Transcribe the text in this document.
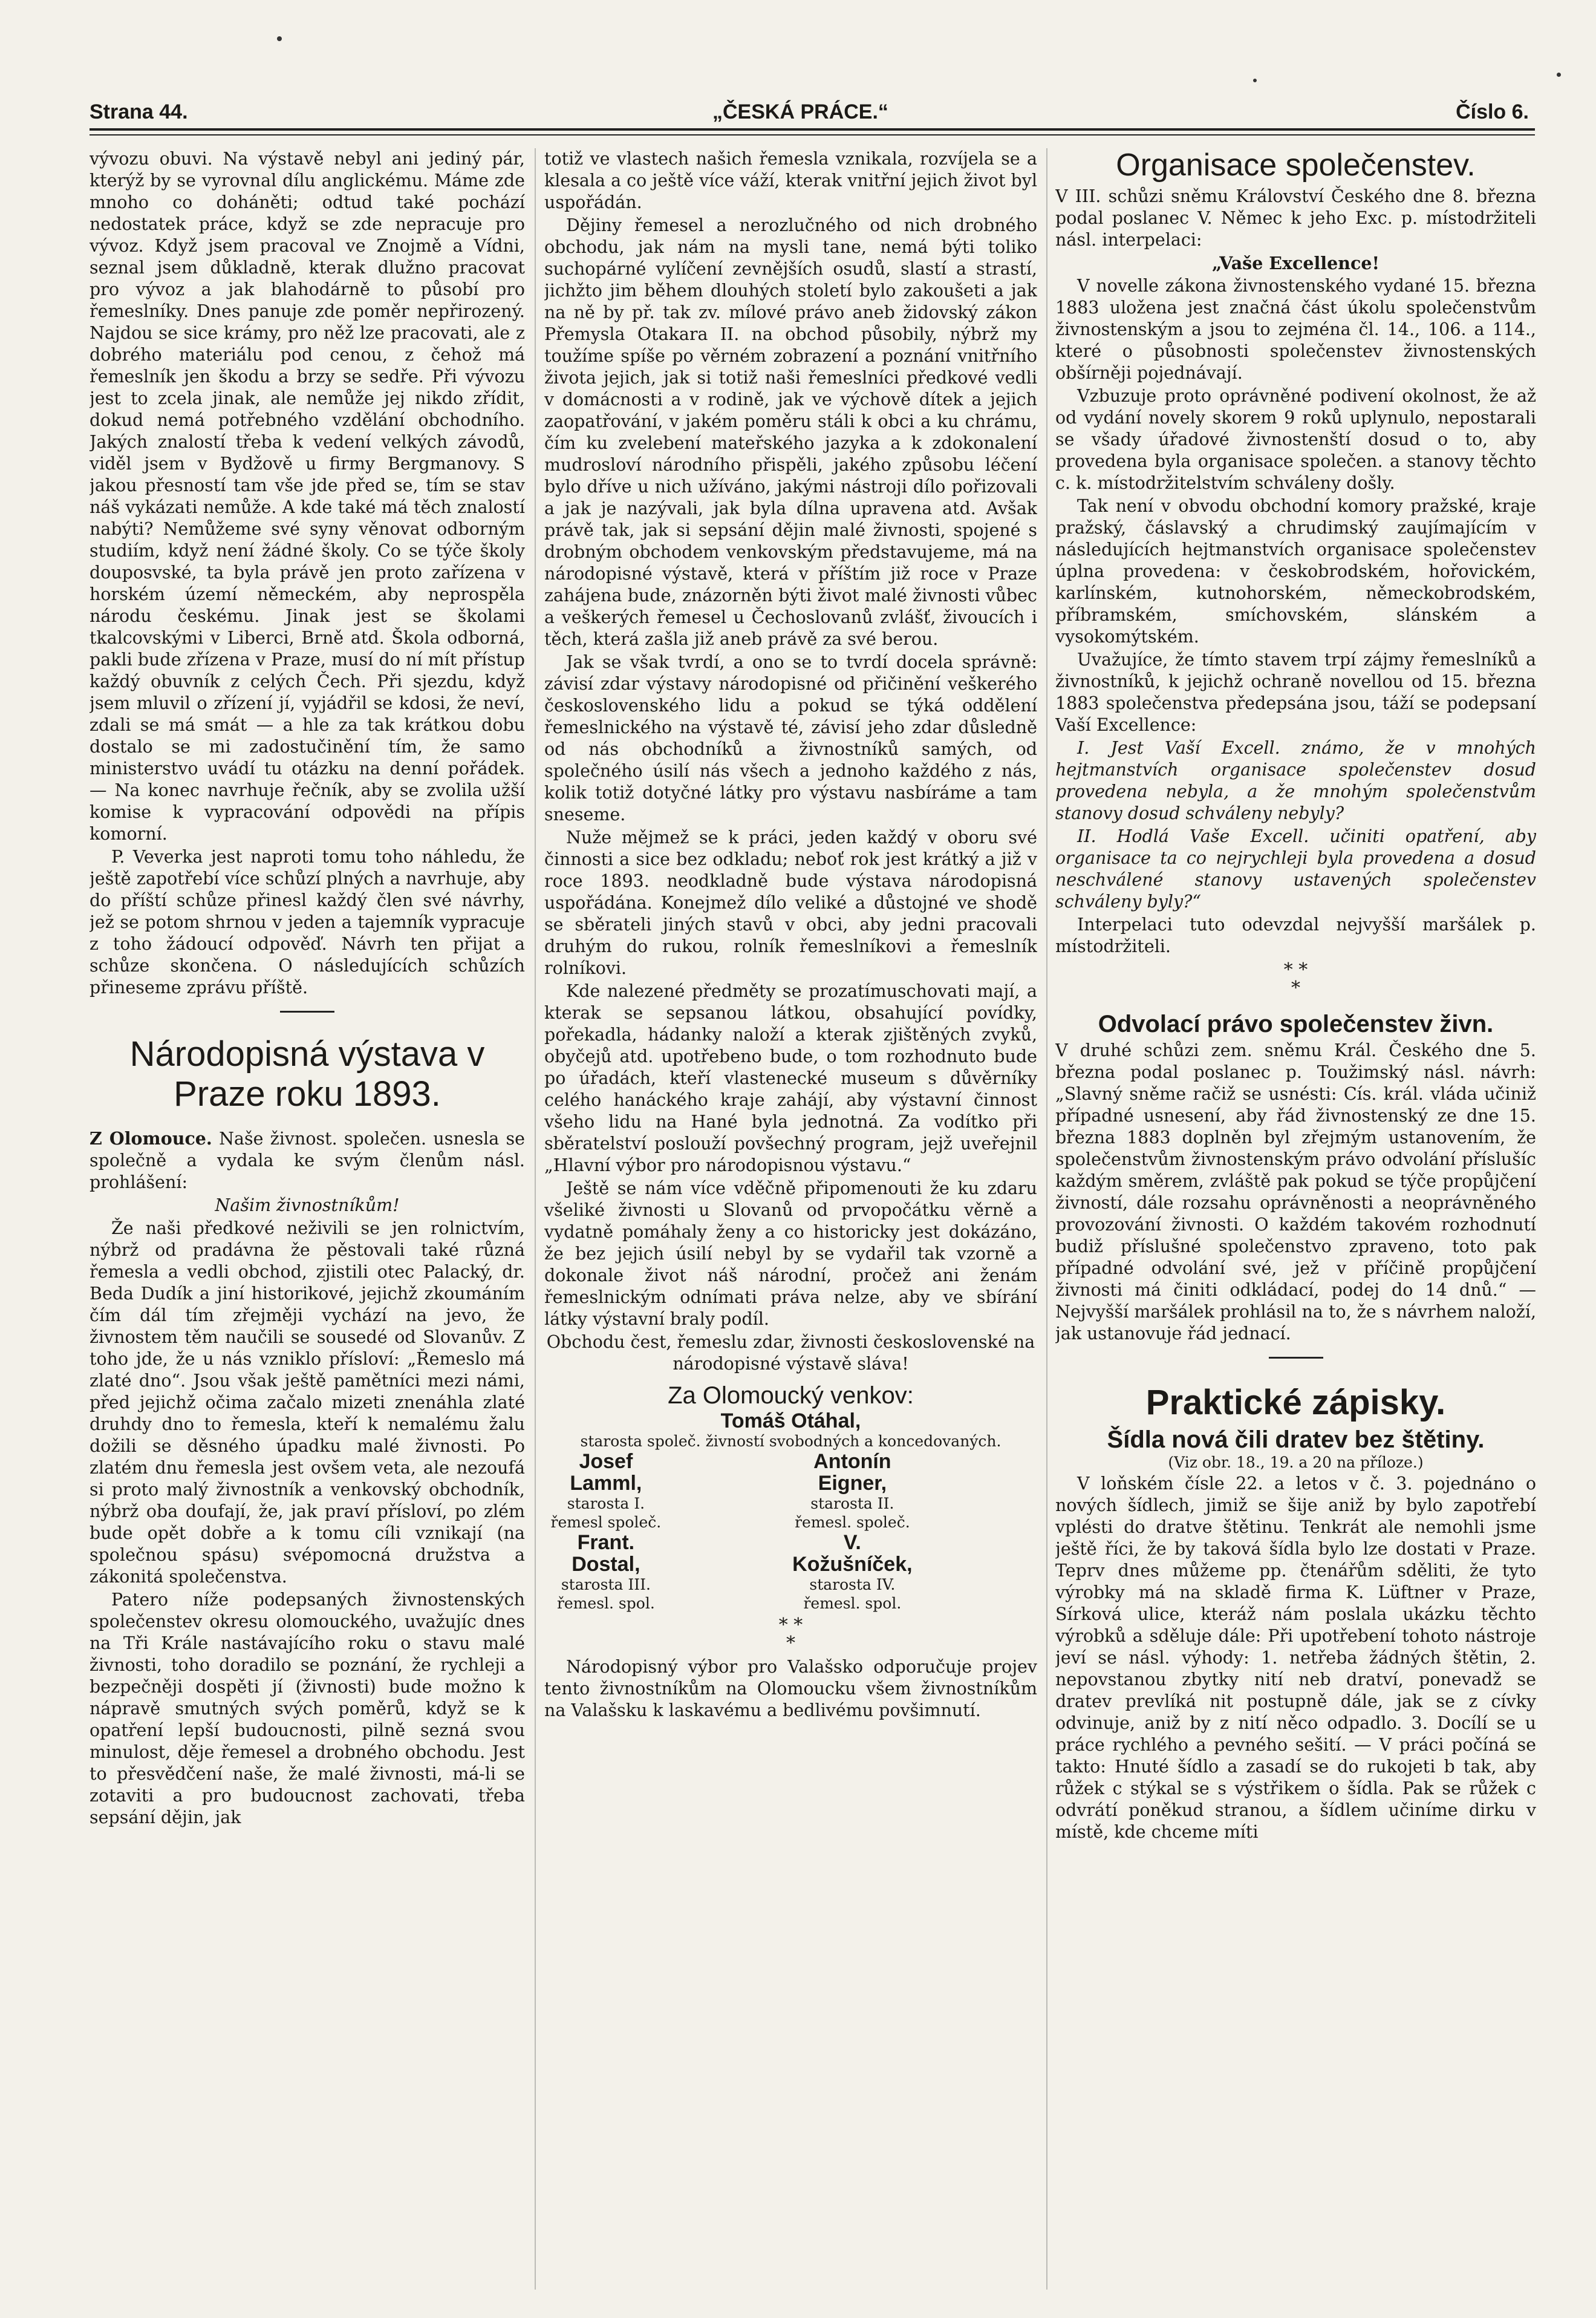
Strana 44.	„ČESKÁ PRÁCE.“	Číslo 6.

vývozu obuvi. Na výstavě nebyl ani jediný pár, kterýž by se vyrovnal dílu anglickému. Máme zde mnoho co doháněti; odtud také pochází nedostatek práce, když se zde nepracuje pro vývoz. Když jsem pracoval ve Znojmě a Vídni, seznal jsem důkladně, kterak dlužno pracovat pro vývoz a jak blahodárně to působí pro řemeslníky. Dnes panuje zde poměr nepřirozený. Najdou se sice krámy, pro něž lze pracovati, ale z dobrého materiálu pod cenou, z čehož má řemeslník jen škodu a brzy se sedře. Při vývozu jest to zcela jinak, ale nemůže jej nikdo zřídit, dokud nemá potřebného vzdělání obchodního. Jakých znalostí třeba k vedení velkých závodů, viděl jsem v Bydžově u firmy Bergmanovy. S jakou přesností tam vše jde před se, tím se stav náš vykázati nemůže. A kde také má těch znalostí nabýti? Nemůžeme své syny věnovat odborným studiím, když není žádné školy. Co se týče školy douposvské, ta byla právě jen proto zařízena v horském území německém, aby neprospěla národu českému. Jinak jest se školami tkalcovskými v Liberci, Brně atd. Škola odborná, pakli bude zřízena v Praze, musí do ní mít přístup každý obuvník z celých Čech. Při sjezdu, když jsem mluvil o zřízení jí, vyjádřil se kdosi, že neví, zdali se má smát — a hle za tak krátkou dobu dostalo se mi zadostučinění tím, že samo ministerstvo uvádí tu otázku na denní pořádek. — Na konec navrhuje řečník, aby se zvolila užší komise k vypracování odpovědi na přípis komorní.

P. Veverka jest naproti tomu toho náhledu, že ještě zapotřebí více schůzí plných a navrhuje, aby do příští schůze přinesl každý člen své návrhy, jež se potom shrnou v jeden a tajemník vypracuje z toho žádoucí odpověď. Návrh ten přijat a schůze skončena. O následujících schůzích přineseme zprávu příště.

Národopisná výstava v Praze roku 1893.

Z Olomouce. Naše živnost. společen. usnesla se společně a vydala ke svým členům násl. prohlášení:

Našim živnostníkům!

Že naši předkové neživili se jen rolnictvím, nýbrž od pradávna že pěstovali také různá řemesla a vedli obchod, zjistili otec Palacký, dr. Beda Dudík a jiní historikové, jejichž zkoumáním čím dál tím zřejměji vychází na jevo, že živnostem těm naučili se sousedé od Slovanův. Z toho jde, že u nás vzniklo přísloví: „Řemeslo má zlaté dno“. Jsou však ještě pamětníci mezi námi, před jejichž očima začalo mizeti znenáhla zlaté druhdy dno to řemesla, kteří k nemalému žalu dožili se děsného úpadku malé živnosti. Po zlatém dnu řemesla jest ovšem veta, ale nezoufá si proto malý živnostník a venkovský obchodník, nýbrž oba doufají, že, jak praví přísloví, po zlém bude opět dobře a k tomu cíli vznikají (na společnou spásu) svépomocná družstva a zákonitá společenstva.

Patero níže podepsaných živnostenských společenstev okresu olomouckého, uvažujíc dnes na Tři Krále nastávajícího roku o stavu malé živnosti, toho doradilo se poznání, že rychleji a bezpečněji dospěti jí (živnosti) bude možno k nápravě smutných svých poměrů, když se k opatření lepší budoucnosti, pilně sezná svou minulost, děje řemesel a drobného obchodu. Jest to přesvědčení naše, že malé živnosti, má-li se zotaviti a pro budoucnost zachovati, třeba sepsání dějin, jak

totiž ve vlastech našich řemesla vznikala, rozvíjela se a klesala a co ještě více váží, kterak vnitřní jejich život byl uspořádán.

Dějiny řemesel a nerozlučného od nich drobného obchodu, jak nám na mysli tane, nemá býti toliko suchopárné vylíčení zevnějších osudů, slastí a strastí, jichžto jim během dlouhých století bylo zakoušeti a jak na ně by př. tak zv. mílové právo aneb židovský zákon Přemysla Otakara II. na obchod působily, nýbrž my toužíme spíše po věrném zobrazení a poznání vnitřního života jejich, jak si totiž naši řemeslníci předkové vedli v domácnosti a v rodině, jak ve výchově dítek a jejich zaopatřování, v jakém poměru stáli k obci a ku chrámu, čím ku zvelebení mateřského jazyka a k zdokonalení mudrosloví národního přispěli, jakého způsobu léčení bylo dříve u nich užíváno, jakými nástroji dílo pořizovali a jak je nazývali, jak byla dílna upravena atd. Avšak právě tak, jak si sepsání dějin malé živnosti, spojené s drobným obchodem venkovským představujeme, má na národopisné výstavě, která v příštím již roce v Praze zahájena bude, znázorněn býti život malé živnosti vůbec a veškerých řemesel u Čechoslovanů zvlášť, živoucích i těch, která zašla již aneb právě za své berou.

Jak se však tvrdí, a ono se to tvrdí docela správně: závisí zdar výstavy národopisné od přičinění veškerého československého lidu a pokud se týká oddělení řemeslnického na výstavě té, závisí jeho zdar důsledně od nás obchodníků a živnostníků samých, od společného úsilí nás všech a jednoho každého z nás, kolik totiž dotyčné látky pro výstavu nasbíráme a tam sneseme.

Nuže mějmež se k práci, jeden každý v oboru své činnosti a sice bez odkladu; neboť rok jest krátký a již v roce 1893. neodkladně bude výstava národopisná uspořádána. Konejmež dílo veliké a důstojné ve shodě se sběrateli jiných stavů v obci, aby jedni pracovali druhým do rukou, rolník řemeslníkovi a řemeslník rolníkovi.

Kde nalezené předměty se prozatímuschovati mají, a kterak se sepsanou látkou, obsahující povídky, pořekadla, hádanky naloží a kterak zjištěných zvyků, obyčejů atd. upotřebeno bude, o tom rozhodnuto bude po úřadách, kteří vlastenecké museum s důvěrníky celého hanáckého kraje zahájí, aby výstavní činnost všeho lidu na Hané byla jednotná. Za vodítko při sběratelství poslouží povšechný program, jejž uveřejnil „Hlavní výbor pro národopisnou výstavu.“

Ještě se nám více vděčně připomenouti že ku zdaru všeliké živnosti u Slovanů od prvopočátku věrně a vydatně pomáhaly ženy a co historicky jest dokázáno, že bez jejich úsilí nebyl by se vydařil tak vzorně a dokonale život náš národní, pročež ani ženám řemeslnickým odnímati práva nelze, aby ve sbírání látky výstavní braly podíl.

Obchodu čest, řemeslu zdar, živnosti československé na národopisné výstavě sláva!

Za Olomoucký venkov:
Tomáš Otáhal,
starosta společ. živností svobodných a koncedovaných.
Josef Lamml,
starosta I. řemesl společ.
Antonín Eigner,
starosta II. řemesl. společ.
Frant. Dostal,
starosta III. řemesl. spol.
V. Kožušníček,
starosta IV. řemesl. spol.
* *
*

Národopisný výbor pro Valašsko odporučuje projev tento živnostníkům na Olomoucku všem živnostníkům na Valašsku k laskavému a bedlivému povšimnutí.

Organisace společenstev.

V III. schůzi sněmu Království Českého dne 8. března podal poslanec V. Němec k jeho Exc. p. místodržiteli násl. interpelaci:

„Vaše Excellence!

V novelle zákona živnostenského vydané 15. března 1883 uložena jest značná část úkolu společenstvům živnostenským a jsou to zejména čl. 14., 106. a 114., které o působnosti společenstev živnostenských obšírněji pojednávají.

Vzbuzuje proto oprávněné podivení okolnost, že až od vydání novely skorem 9 roků uplynulo, nepostarali se všady úřadové živnostenští dosud o to, aby provedena byla organisace společen. a stanovy těchto c. k. místodržitelstvím schváleny došly.

Tak není v obvodu obchodní komory pražské, kraje pražský, čáslavský a chrudimský zaujímajícím v následujících hejtmanstvích organisace společenstev úplna provedena: v českobrodském, hořovickém, karlínském, kutnohorském, německobrodském, příbramském, smíchovském, slánském a vysokomýtském.

Uvažujíce, že tímto stavem trpí zájmy řemeslníků a živnostníků, k jejichž ochraně novellou od 15. března 1883 společenstva předepsána jsou, táží se podepsaní Vaší Excellence:

I. Jest Vaší Excell. známo, že v mnohých hejtmanstvích organisace společenstev dosud provedena nebyla, a že mnohým společenstvům stanovy dosud schváleny nebyly?

II. Hodlá Vaše Excell. učiniti opatření, aby organisace ta co nejrychleji byla provedena a dosud neschválené stanovy ustavených společenstev schváleny byly?“

Interpelaci tuto odevzdal nejvyšší maršálek p. místodržiteli.

* *
*
Odvolací právo společenstev živn.

V druhé schůzi zem. sněmu Král. Českého dne 5. března podal poslanec p. Toužimský násl. návrh: „Slavný sněme račiž se usnésti: Cís. král. vláda učiniž případné usnesení, aby řád živnostenský ze dne 15. března 1883 doplněn byl zřejmým ustanovením, že společenstvům živnostenským právo odvolání příslušíc každým směrem, zvláště pak pokud se týče propůjčení živností, dále rozsahu oprávněnosti a neoprávněného provozování živnosti. O každém takovém rozhodnutí budiž příslušné společenstvo zpraveno, toto pak případné odvolání své, jež v příčině propůjčení živnosti má činiti odkládací, podej do 14 dnů.“ — Nejvyšší maršálek prohlásil na to, že s návrhem naloží, jak ustanovuje řád jednací.

Praktické zápisky.
Šídla nová čili dratev bez štětiny.

(Viz obr. 18., 19. a 20 na příloze.)

V loňském čísle 22. a letos v č. 3. pojednáno o nových šídlech, jimiž se šije aniž by bylo zapotřebí vplésti do dratve štětinu. Tenkrát ale nemohli jsme ještě říci, že by taková šídla bylo lze dostati v Praze. Teprv dnes můžeme pp. čtenářům sděliti, že tyto výrobky má na skladě firma K. Lüftner v Praze, Sírková ulice, kteráž nám poslala ukázku těchto výrobků a sděluje dále: Při upotřebení tohoto nástroje jeví se násl. výhody: 1. netřeba žádných štětin, 2. nepovstanou zbytky nití neb dratví, ponevadž se dratev prevlíká nit postupně dále, jak se z cívky odvinuje, aniž by z nití něco odpadlo. 3. Docílí se u práce rychlého a pevného sešití. — V práci počíná se takto: Hnuté šídlo a zasadí se do rukojeti b tak, aby růžek c stýkal se s výstřikem o šídla. Pak se růžek c odvrátí poněkud stranou, a šídlem učiníme dirku v místě, kde chceme míti
